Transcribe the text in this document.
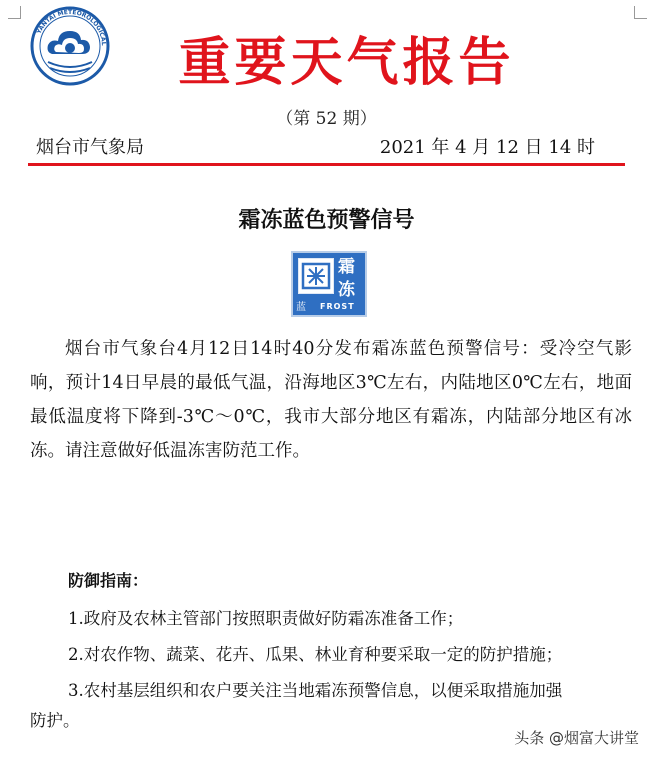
YANTAI METEOROLOGICAL	重要天气报告
（第 52 期）
烟台市气象局	2021 年 4 月 12 日 14 时
霜冻蓝色预警信号
霜
冻
蓝 FROST
烟台市气象台4月12日14时40分发布霜冻蓝色预警信号：受冷空气影响，预计14日早晨的最低气温，沿海地区3℃左右，内陆地区0℃左右，地面最低温度将下降到-3℃～0℃，我市大部分地区有霜冻，内陆部分地区有冰冻。请注意做好低温冻害防范工作。
防御指南：
1.政府及农林主管部门按照职责做好防霜冻准备工作；
2.对农作物、蔬菜、花卉、瓜果、林业育种要采取一定的防护措施；
3.农村基层组织和农户要关注当地霜冻预警信息，以便采取措施加强
防护。
头条 @烟富大讲堂
